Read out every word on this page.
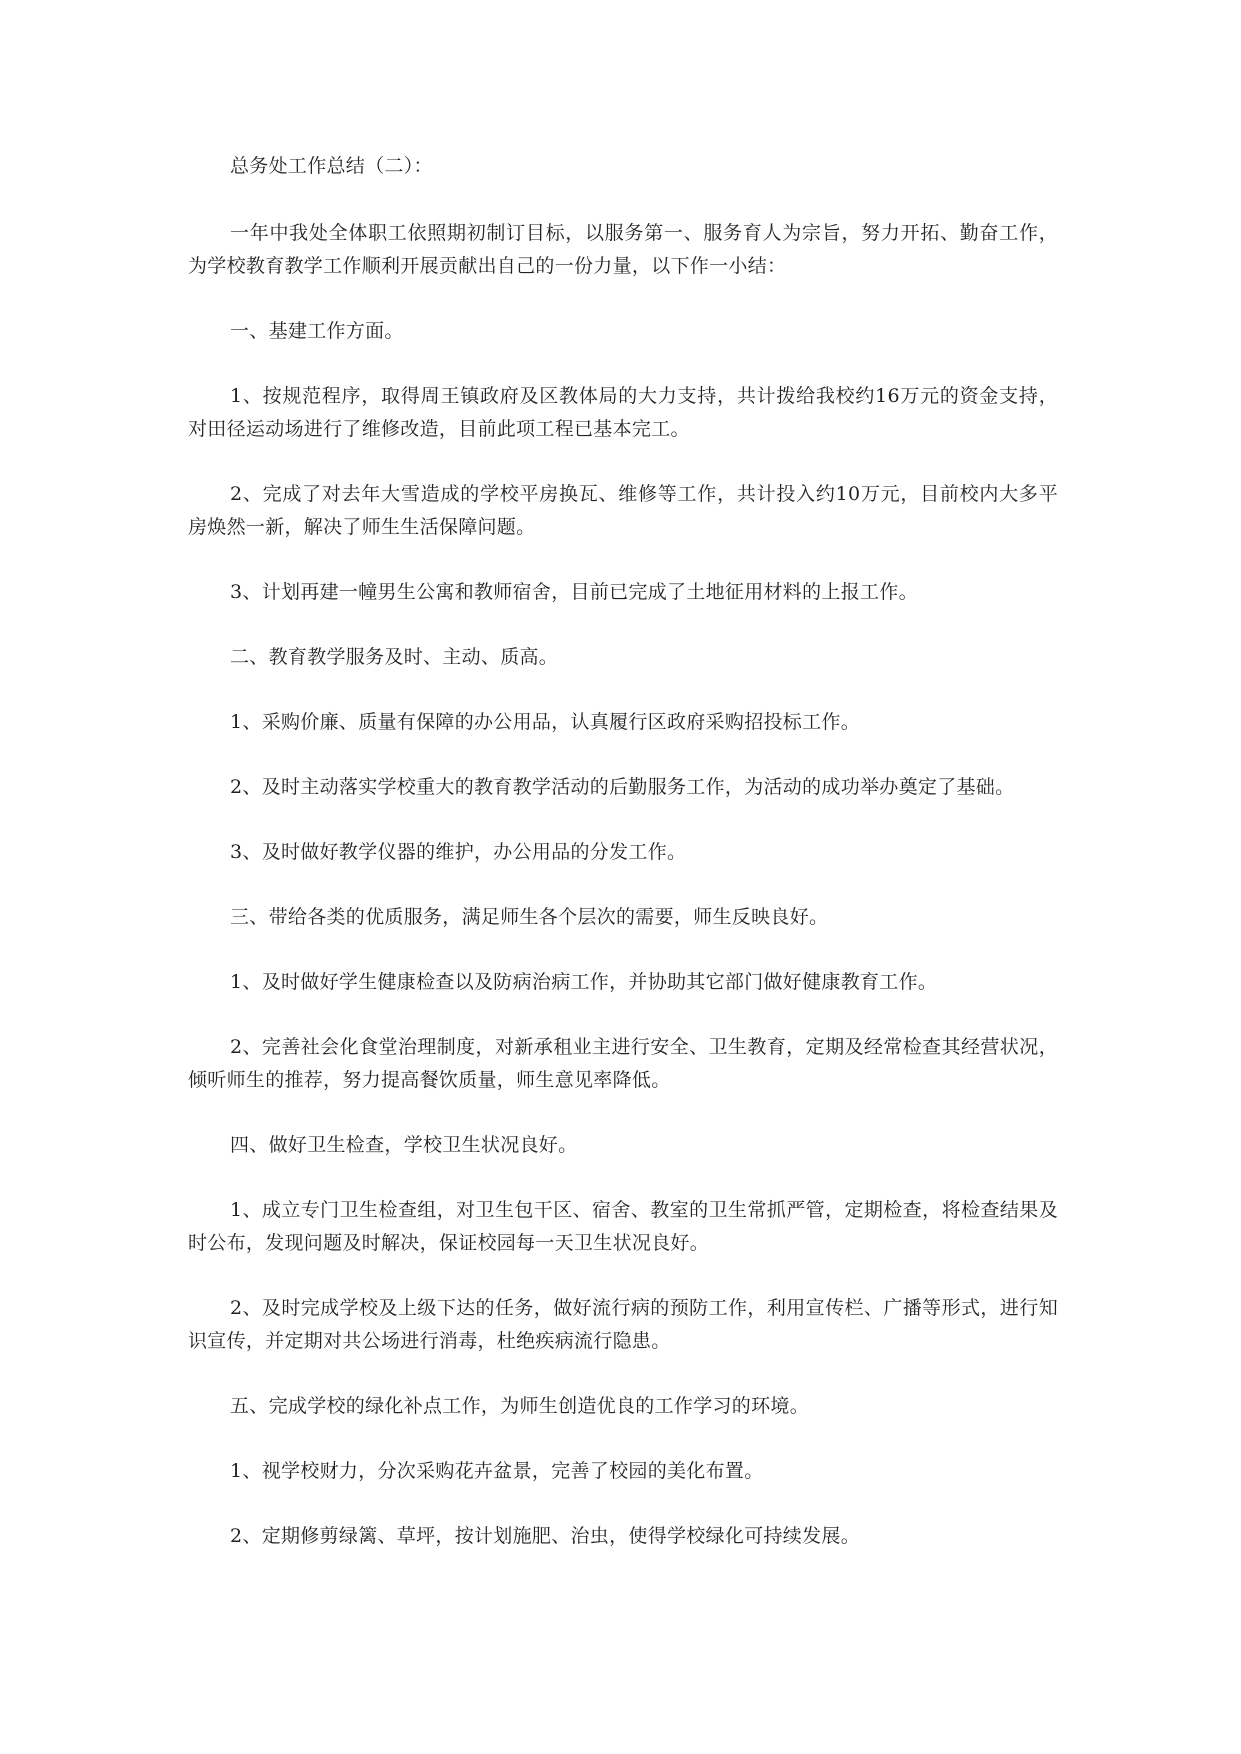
总务处工作总结（二）：

一年中我处全体职工依照期初制订目标，以服务第一、服务育人为宗旨，努力开拓、勤奋工作，为学校教育教学工作顺利开展贡献出自己的一份力量，以下作一小结：

一、基建工作方面。

1、按规范程序，取得周王镇政府及区教体局的大力支持，共计拨给我校约16万元的资金支持，对田径运动场进行了维修改造，目前此项工程已基本完工。

2、完成了对去年大雪造成的学校平房换瓦、维修等工作，共计投入约10万元，目前校内大多平房焕然一新，解决了师生生活保障问题。

3、计划再建一幢男生公寓和教师宿舍，目前已完成了土地征用材料的上报工作。

二、教育教学服务及时、主动、质高。

1、采购价廉、质量有保障的办公用品，认真履行区政府采购招投标工作。

2、及时主动落实学校重大的教育教学活动的后勤服务工作，为活动的成功举办奠定了基础。

3、及时做好教学仪器的维护，办公用品的分发工作。

三、带给各类的优质服务，满足师生各个层次的需要，师生反映良好。

1、及时做好学生健康检查以及防病治病工作，并协助其它部门做好健康教育工作。

2、完善社会化食堂治理制度，对新承租业主进行安全、卫生教育，定期及经常检查其经营状况，倾听师生的推荐，努力提高餐饮质量，师生意见率降低。

四、做好卫生检查，学校卫生状况良好。

1、成立专门卫生检查组，对卫生包干区、宿舍、教室的卫生常抓严管，定期检查，将检查结果及时公布，发现问题及时解决，保证校园每一天卫生状况良好。

2、及时完成学校及上级下达的任务，做好流行病的预防工作，利用宣传栏、广播等形式，进行知识宣传，并定期对共公场进行消毒，杜绝疾病流行隐患。

五、完成学校的绿化补点工作，为师生创造优良的工作学习的环境。

1、视学校财力，分次采购花卉盆景，完善了校园的美化布置。

2、定期修剪绿篱、草坪，按计划施肥、治虫，使得学校绿化可持续发展。
